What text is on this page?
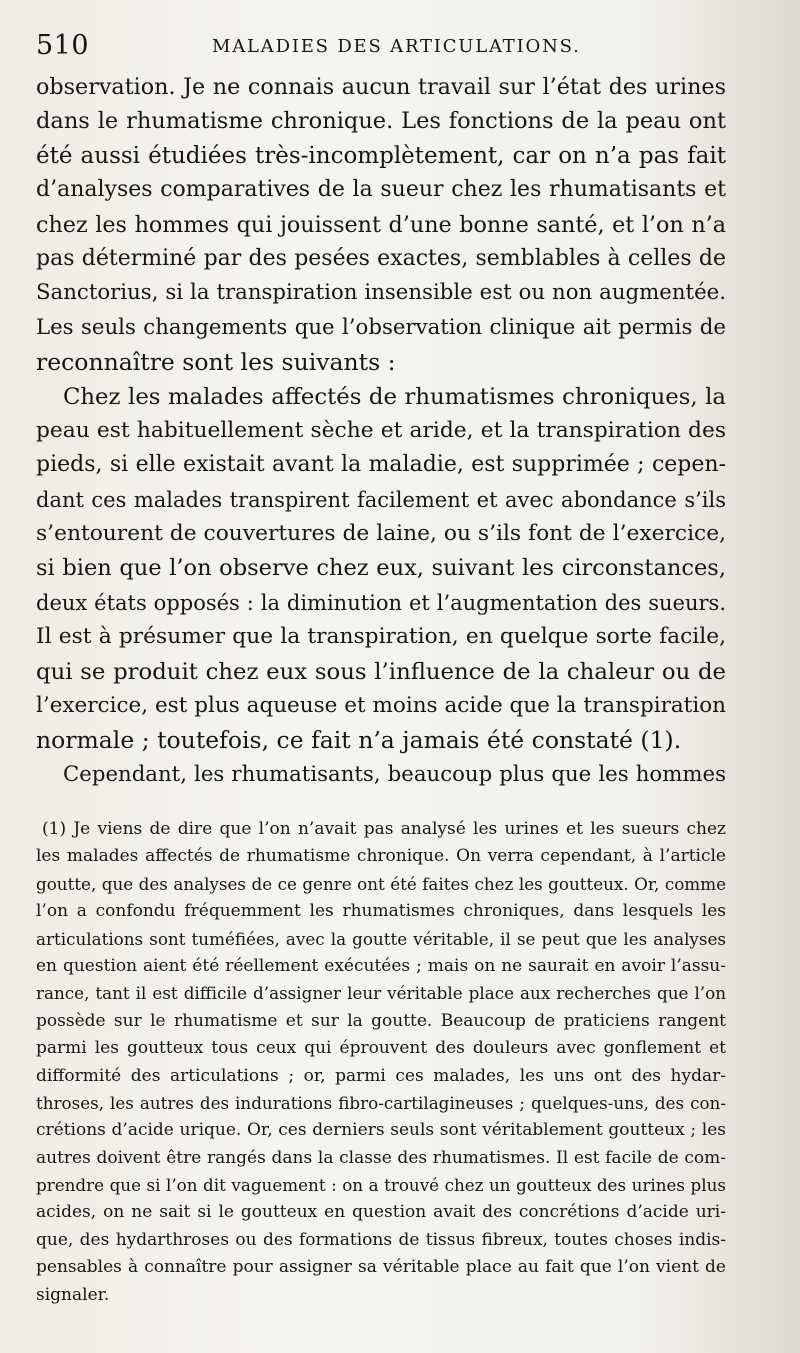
510	MALADIES DES ARTICULATIONS.
observation. Je ne connais aucun travail sur l’état des urines
dans le rhumatisme chronique. Les fonctions de la peau ont
été aussi étudiées très-incomplètement, car on n’a pas fait
d’analyses comparatives de la sueur chez les rhumatisants et
chez les hommes qui jouissent d’une bonne santé, et l’on n’a
pas déterminé par des pesées exactes, semblables à celles de
Sanctorius, si la transpiration insensible est ou non augmentée.
Les seuls changements que l’observation clinique ait permis de
reconnaître sont les suivants :
Chez les malades affectés de rhumatismes chroniques, la
peau est habituellement sèche et aride, et la transpiration des
pieds, si elle existait avant la maladie, est supprimée ; cepen-
dant ces malades transpirent facilement et avec abondance s’ils
s’entourent de couvertures de laine, ou s’ils font de l’exercice,
si bien que l’on observe chez eux, suivant les circonstances,
deux états opposés : la diminution et l’augmentation des sueurs.
Il est à présumer que la transpiration, en quelque sorte facile,
qui se produit chez eux sous l’influence de la chaleur ou de
l’exercice, est plus aqueuse et moins acide que la transpiration
normale ; toutefois, ce fait n’a jamais été constaté (1).
Cependant, les rhumatisants, beaucoup plus que les hommes
(1) Je viens de dire que l’on n’avait pas analysé les urines et les sueurs chez
les malades affectés de rhumatisme chronique. On verra cependant, à l’article
goutte, que des analyses de ce genre ont été faites chez les goutteux. Or, comme
l’on a confondu fréquemment les rhumatismes chroniques, dans lesquels les
articulations sont tuméfiées, avec la goutte véritable, il se peut que les analyses
en question aient été réellement exécutées ; mais on ne saurait en avoir l’assu-
rance, tant il est difficile d’assigner leur véritable place aux recherches que l’on
possède sur le rhumatisme et sur la goutte. Beaucoup de praticiens rangent
parmi les goutteux tous ceux qui éprouvent des douleurs avec gonflement et
difformité des articulations ; or, parmi ces malades, les uns ont des hydar-
throses, les autres des indurations fibro-cartilagineuses ; quelques-uns, des con-
crétions d’acide urique. Or, ces derniers seuls sont véritablement goutteux ; les
autres doivent être rangés dans la classe des rhumatismes. Il est facile de com-
prendre que si l’on dit vaguement : on a trouvé chez un goutteux des urines plus
acides, on ne sait si le goutteux en question avait des concrétions d’acide uri-
que, des hydarthroses ou des formations de tissus fibreux, toutes choses indis-
pensables à connaître pour assigner sa véritable place au fait que l’on vient de
signaler.
